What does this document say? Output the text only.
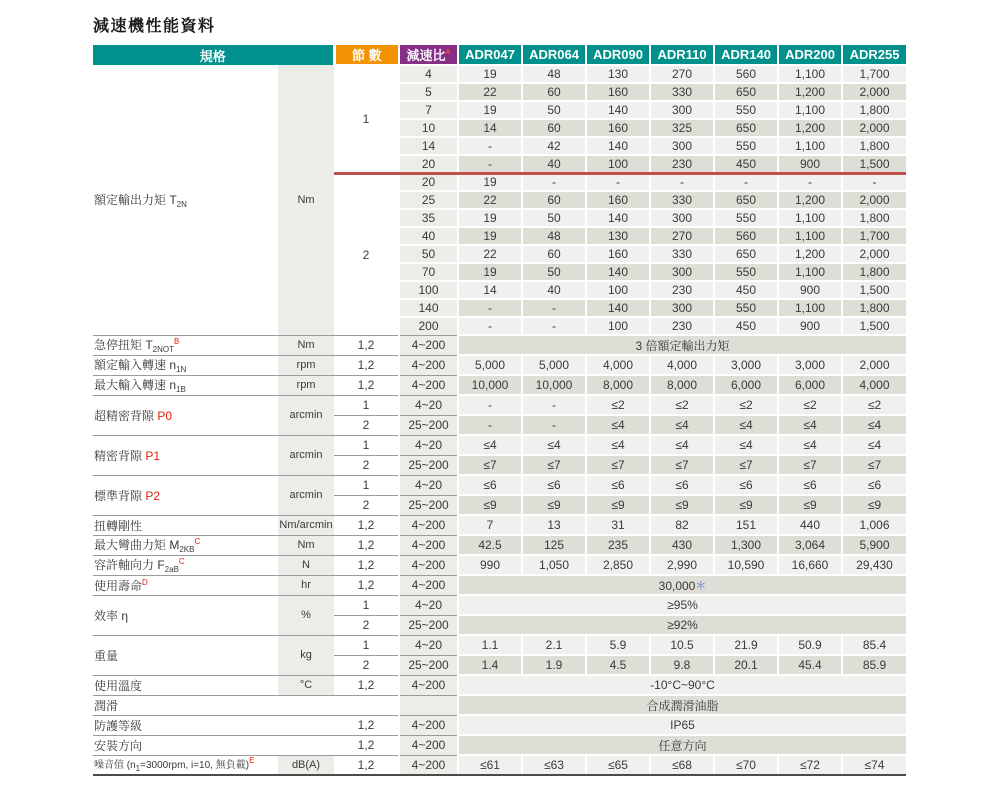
減速機性能資料
規格		節 數	減速比$^A$	ADR047	ADR064	ADR090	ADR110	ADR140	ADR200	ADR255
額定輸出力矩 $T_{2N}$	Nm	1	4	19	48	130	270	560	1,100	1,700
			5	22	60	160	330	650	1,200	2,000
			7	19	50	140	300	550	1,100	1,800
			10	14	60	160	325	650	1,200	2,000
			14	-	42	140	300	550	1,100	1,800
			20	-	40	100	230	450	900	1,500
		2	20	19	-	-	-	-	-	-
			25	22	60	160	330	650	1,200	2,000
			35	19	50	140	300	550	1,100	1,800
			40	19	48	130	270	560	1,100	1,700
			50	22	60	160	330	650	1,200	2,000
			70	19	50	140	300	550	1,100	1,800
			100	14	40	100	230	450	900	1,500
			140	-	-	140	300	550	1,100	1,800
			200	-	-	100	230	450	900	1,500
急停扭矩 $T_{2NOT}^B$	Nm	1,2	4~200	3 倍額定輸出力矩						
額定輸入轉速 $n_{1N}$	rpm	1,2	4~200	5,000	5,000	4,000	4,000	3,000	3,000	2,000
最大輸入轉速 $n_{1B}$	rpm	1,2	4~200	10,000	10,000	8,000	8,000	6,000	6,000	4,000
超精密背隙 P0	arcmin	1	4~20	-	-	≤2	≤2	≤2	≤2	≤2
		2	25~200	-	-	≤4	≤4	≤4	≤4	≤4
精密背隙 P1	arcmin	1	4~20	≤4	≤4	≤4	≤4	≤4	≤4	≤4
		2	25~200	≤7	≤7	≤7	≤7	≤7	≤7	≤7
標準背隙 P2	arcmin	1	4~20	≤6	≤6	≤6	≤6	≤6	≤6	≤6
		2	25~200	≤9	≤9	≤9	≤9	≤9	≤9	≤9
扭轉剛性	Nm/arcmin	1,2	4~200	7	13	31	82	151	440	1,006
最大彎曲力矩 $M_{2KB}^C$	Nm	1,2	4~200	42.5	125	235	430	1,300	3,064	5,900
容許軸向力 $F_{2aB}^C$	N	1,2	4~200	990	1,050	2,850	2,990	10,590	16,660	29,430
使用壽命$^D$	hr	1,2	4~200	30,000＊						
效率 η	%	1	4~20	≥95%						
		2	25~200	≥92%						
重量	kg	1	4~20	1.1	2.1	5.9	10.5	21.9	50.9	85.4
		2	25~200	1.4	1.9	4.5	9.8	20.1	45.4	85.9
使用溫度	°C	1,2	4~200	-10°C~90°C						
潤滑				合成潤滑油脂						
防護等級		1,2	4~200	IP65						
安裝方向		1,2	4~200	任意方向						
噪音值 ($n_1=3000rpm$, i=10, 無負載)$^E$	dB(A)	1,2	4~200	≤61	≤63	≤65	≤68	≤70	≤72	≤74
